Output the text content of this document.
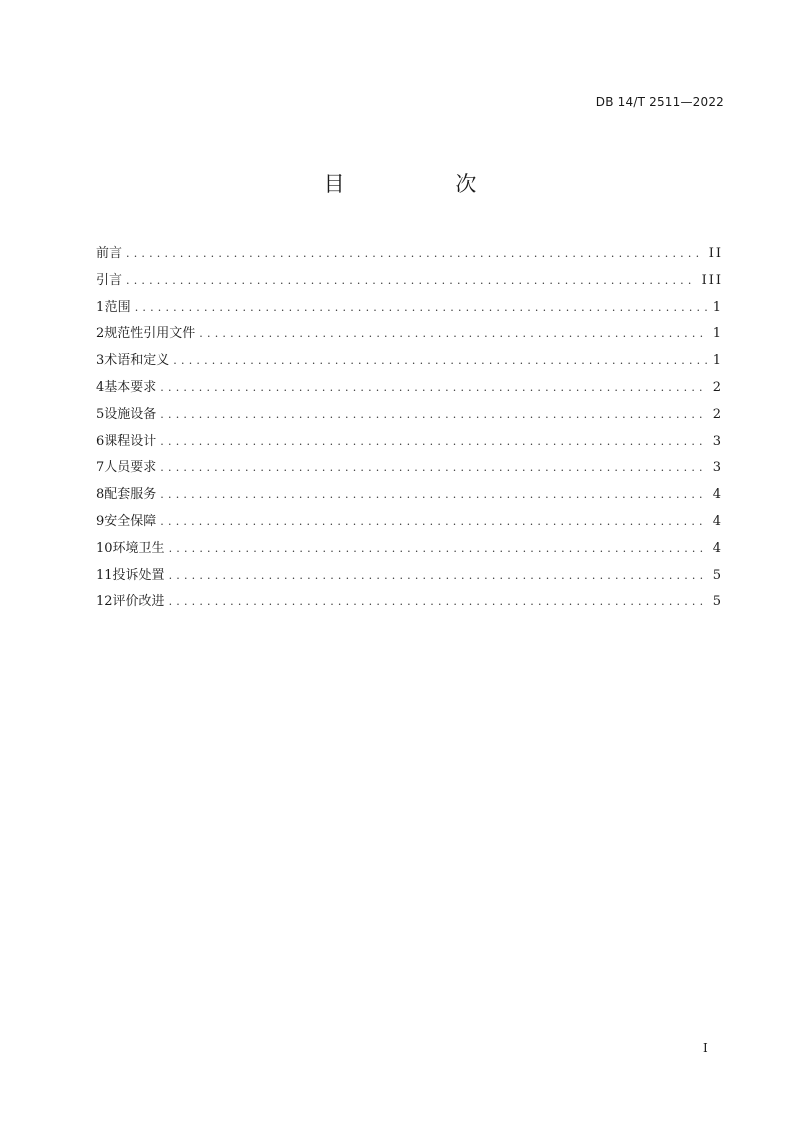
DB 14/T 2511—2022
目 次
前言 .....	II
引言 .....	III
1 范围 .....	1
2 规范性引用文件 .....	1
3 术语和定义 .....	1
4 基本要求 .....	2
5 设施设备 .....	2
6 课程设计 .....	3
7 人员要求 .....	3
8 配套服务 .....	4
9 安全保障 .....	4
10 环境卫生 .....	4
11 投诉处置 .....	5
12 评价改进 .....	5
I
